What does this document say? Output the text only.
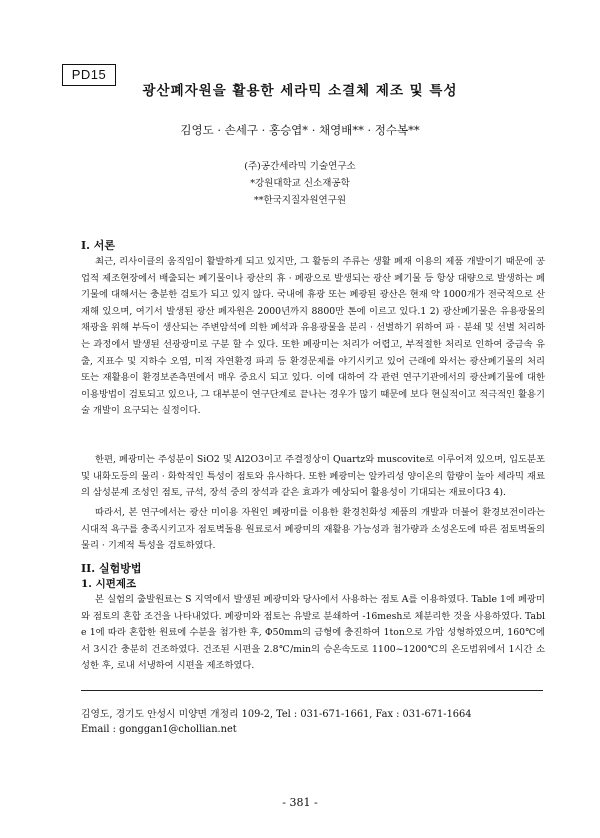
PD15
광산폐자원을 활용한 세라믹 소결체 제조 및 특성
김영도 · 손세구 · 홍승엽* · 채영배** · 정수복**
(주)공간세라믹 기술연구소
*강원대학교 신소재공학
**한국지질자원연구원
I. 서론

최근, 리사이클의 움직임이 활발하게 되고 있지만, 그 활동의 주류는 생활 폐재 이용의 제품 개발이기 때문에 공업적 제조현장에서 배출되는 폐기물이나 광산의 휴 · 폐광으로 발생되는 광산 폐기물 등 항상 대량으로 발생하는 폐기물에 대해서는 충분한 검토가 되고 있지 않다. 국내에 휴광 또는 폐광된 광산은 현재 약 1000개가 전국적으로 산재해 있으며, 여기서 발생된 광산 폐자원은 2000년까지 8800만 톤에 이르고 있다.1 2) 광산폐기물은 유용광물의 채광을 위해 부득이 생산되는 주변암석에 의한 폐석과 유용광물을 분리 · 선별하기 위하여 파 · 분쇄 및 선별 처리하는 과정에서 발생된 선광광미로 구분 할 수 있다. 또한 폐광미는 처리가 어렵고, 부적절한 처리로 인하여 중금속 유출, 지표수 및 지하수 오염, 미적 자연환경 파괴 등 환경문제를 야기시키고 있어 근래에 와서는 광산폐기물의 처리 또는 재활용이 환경보존측면에서 매우 중요시 되고 있다. 이에 대하여 각 관련 연구기관에서의 광산폐기물에 대한 이용방법이 검토되고 있으나, 그 대부분이 연구단계로 끝나는 경우가 많기 때문에 보다 현실적이고 적극적인 활용기술 개발이 요구되는 실정이다.

한편, 폐광미는 주성분이 SiO2 및 Al2O3이고 주결정상이 Quartz와 muscovite로 이루어져 있으며, 입도분포 및 내화도등의 물리 · 화학적인 특성이 점토와 유사하다. 또한 폐광미는 알카리성 양이온의 함량이 높아 세라믹 재료의 삼성분계 조성인 점토, 규석, 장석 중의 장석과 같은 효과가 예상되어 활용성이 기대되는 재료이다3 4).

따라서, 본 연구에서는 광산 미이용 자원인 폐광미를 이용한 환경친화성 제품의 개발과 더불어 환경보전이라는 시대적 욕구를 충족시키고자 점토벽돌용 원료로서 폐광미의 재활용 가능성과 첨가량과 소성온도에 따른 점토벽돌의 물리 · 기계적 특성을 검토하였다.

II. 실험방법
1. 시편제조

본 실험의 출발원료는 S 지역에서 발생된 폐광미와 당사에서 사용하는 점토 A를 이용하였다. Table 1에 폐광미와 점토의 혼합 조건을 나타내었다. 폐광미와 점토는 유발로 분쇄하여 -16mesh로 체분리한 것을 사용하였다. Table 1에 따라 혼합한 원료에 수분을 첨가한 후, Φ50mm의 금형에 충진하여 1ton으로 가압 성형하였으며, 160℃에서 3시간 충분히 건조하였다. 건조된 시편을 2.8℃/min의 승온속도로 1100~1200℃의 온도범위에서 1시간 소성한 후, 로내 서냉하여 시편을 제조하였다.

김영도, 경기도 안성시 미양면 개정리 109-2, Tel : 031-671-1661, Fax : 031-671-1664
Email : gonggan1@chollian.net
- 381 -
